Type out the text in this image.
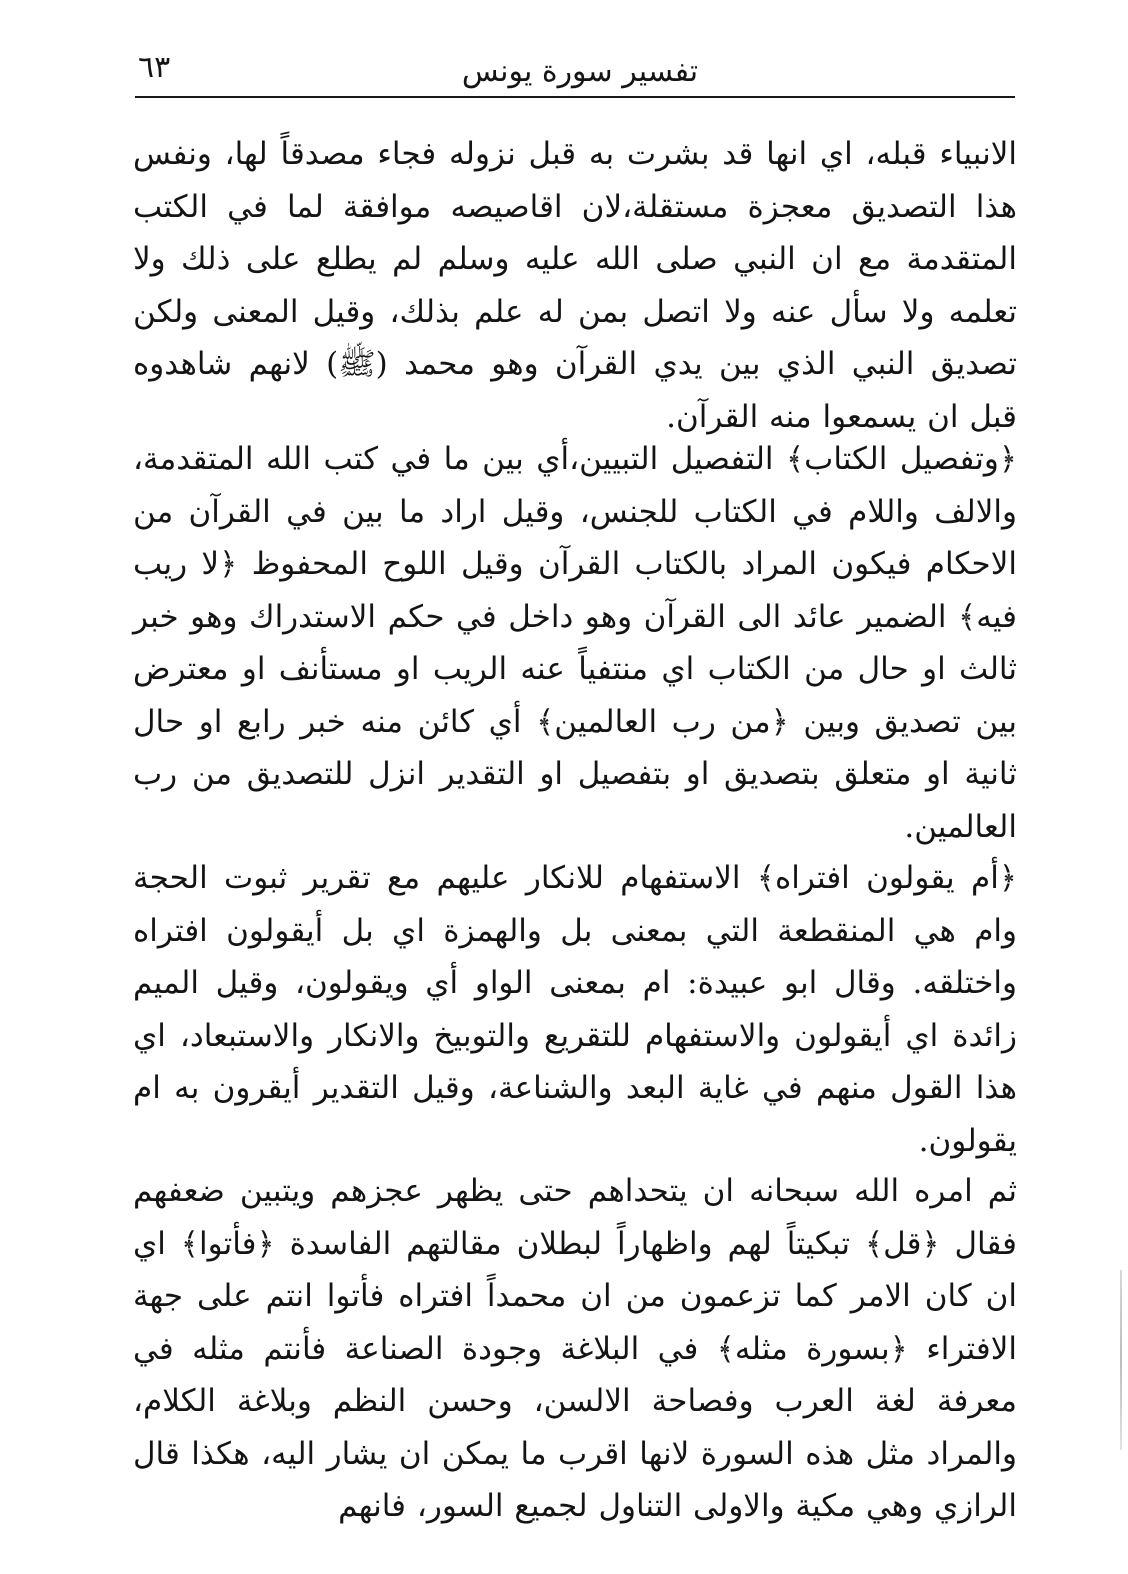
٦٣	تفسير سورة يونس

الانبياء قبله، اي انها قد بشرت به قبل نزوله فجاء مصدقاً لها، ونفس هذا التصديق معجزة مستقلة،لان اقاصيصه موافقة لما في الكتب المتقدمة مع ان النبي صلى الله عليه وسلم لم يطلع على ذلك ولا تعلمه ولا سأل عنه ولا اتصل بمن له علم بذلك، وقيل المعنى ولكن تصديق النبي الذي بين يدي القرآن وهو محمد (ﷺ) لانهم شاهدوه قبل ان يسمعوا منه القرآن.

﴿وتفصيل الكتاب﴾ التفصيل التبيين،أي بين ما في كتب الله المتقدمة، والالف واللام في الكتاب للجنس، وقيل اراد ما بين في القرآن من الاحكام فيكون المراد بالكتاب القرآن وقيل اللوح المحفوظ ﴿لا ريب فيه﴾ الضمير عائد الى القرآن وهو داخل في حكم الاستدراك وهو خبر ثالث او حال من الكتاب اي منتفياً عنه الريب او مستأنف او معترض بين تصديق وبين ﴿من رب العالمين﴾ أي كائن منه خبر رابع او حال ثانية او متعلق بتصديق او بتفصيل او التقدير انزل للتصديق من رب العالمين.

﴿أم يقولون افتراه﴾ الاستفهام للانكار عليهم مع تقرير ثبوت الحجة وام هي المنقطعة التي بمعنى بل والهمزة اي بل أيقولون افتراه واختلقه. وقال ابو عبيدة: ام بمعنى الواو أي ويقولون، وقيل الميم زائدة اي أيقولون والاستفهام للتقريع والتوبيخ والانكار والاستبعاد، اي هذا القول منهم في غاية البعد والشناعة، وقيل التقدير أيقرون به ام يقولون.

ثم امره الله سبحانه ان يتحداهم حتى يظهر عجزهم ويتبين ضعفهم فقال ﴿قل﴾ تبكيتاً لهم واظهاراً لبطلان مقالتهم الفاسدة ﴿فأتوا﴾ اي ان كان الامر كما تزعمون من ان محمداً افتراه فأتوا انتم على جهة الافتراء ﴿بسورة مثله﴾ في البلاغة وجودة الصناعة فأنتم مثله في معرفة لغة العرب وفصاحة الالسن، وحسن النظم وبلاغة الكلام، والمراد مثل هذه السورة لانها اقرب ما يمكن ان يشار اليه، هكذا قال الرازي وهي مكية والاولى التناول لجميع السور، فانهم
